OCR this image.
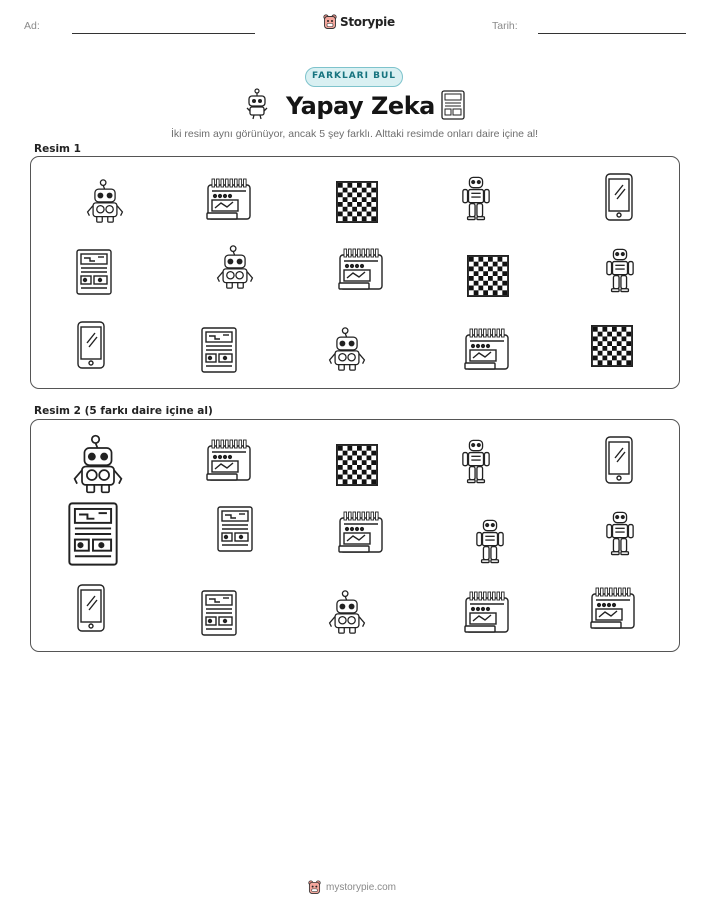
Ad:	Storypie	Tarih:
FARKLARI BUL
Yapay Zeka
İki resim aynı görünüyor, ancak 5 şey farklı. Alttaki resimde onları daire içine al!
Resim 1
Resim 2 (5 farkı daire içine al)
mystorypie.com
